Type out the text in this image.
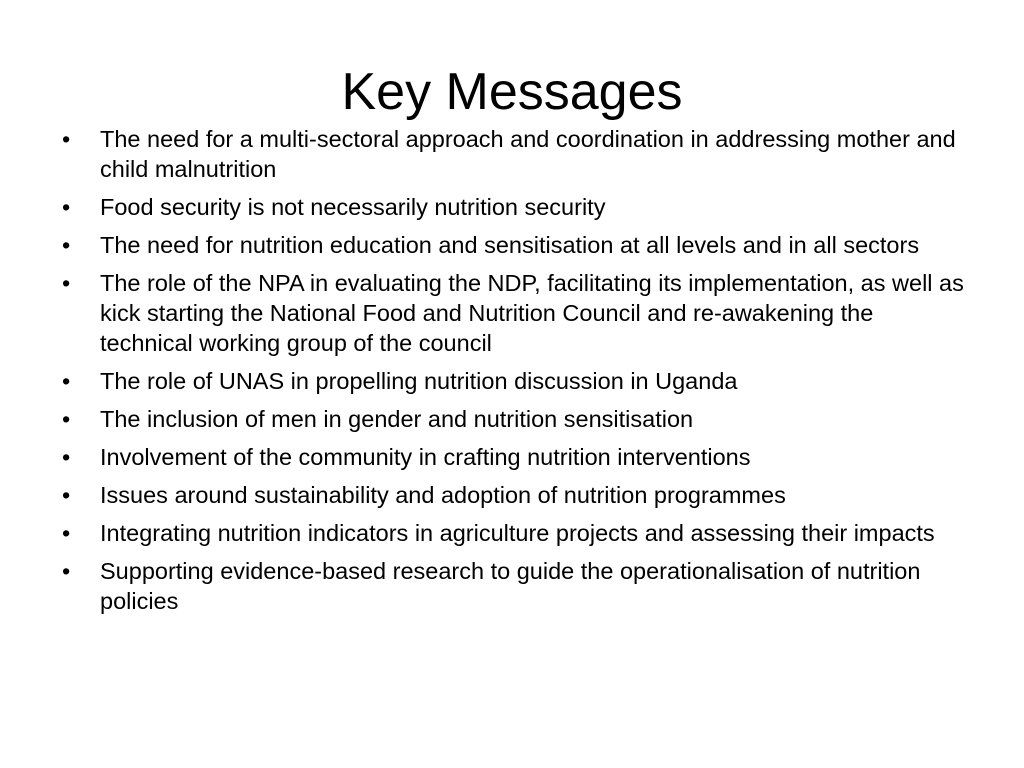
Key Messages
•	The need for a multi-sectoral approach and coordination in addressing mother and child malnutrition
•	Food security is not necessarily nutrition security
•	The need for nutrition education and sensitisation at all levels and in all sectors
•	The role of the NPA in evaluating the NDP, facilitating its implementation, as well as kick starting the National Food and Nutrition Council and re-awakening the technical working group of the council
•	The role of UNAS in propelling nutrition discussion in Uganda
•	The inclusion of men in gender and nutrition sensitisation
•	Involvement of the community in crafting nutrition interventions
•	Issues around sustainability and adoption of nutrition programmes
•	Integrating nutrition indicators in agriculture projects and assessing their impacts
•	Supporting evidence-based research to guide the operationalisation of nutrition policies
